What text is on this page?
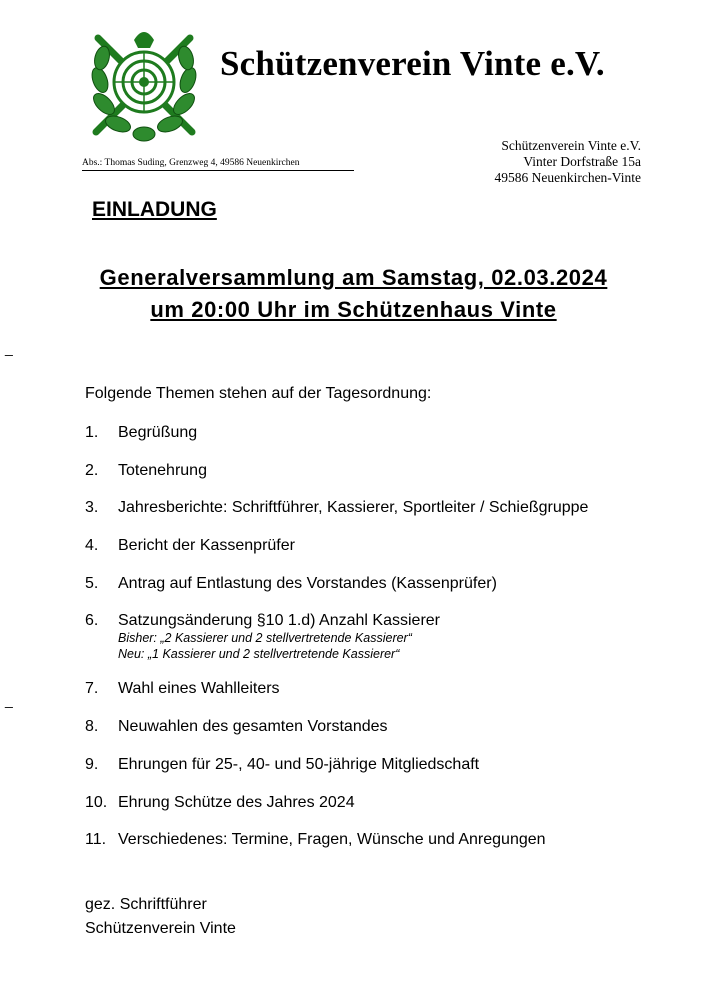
Schützenverein Vinte e.V.
Abs.: Thomas Suding, Grenzweg 4, 49586 Neuenkirchen
Schützenverein Vinte e.V.
Vinter Dorfstraße 15a
49586 Neuenkirchen-Vinte
EINLADUNG
Generalversammlung am Samstag, 02.03.2024
um 20:00 Uhr im Schützenhaus Vinte
_
_
Folgende Themen stehen auf der Tagesordnung:
1. Begrüßung
2. Totenehrung
3. Jahresberichte: Schriftführer, Kassierer, Sportleiter / Schießgruppe
4. Bericht der Kassenprüfer
5. Antrag auf Entlastung des Vorstandes (Kassenprüfer)
6. Satzungsänderung §10 1.d) Anzahl Kassierer
Bisher: „2 Kassierer und 2 stellvertretende Kassierer“
Neu: „1 Kassierer und 2 stellvertretende Kassierer“
7. Wahl eines Wahlleiters
8. Neuwahlen des gesamten Vorstandes
9. Ehrungen für 25-, 40- und 50-jährige Mitgliedschaft
10. Ehrung Schütze des Jahres 2024
11. Verschiedenes: Termine, Fragen, Wünsche und Anregungen
gez. Schriftführer
Schützenverein Vinte
